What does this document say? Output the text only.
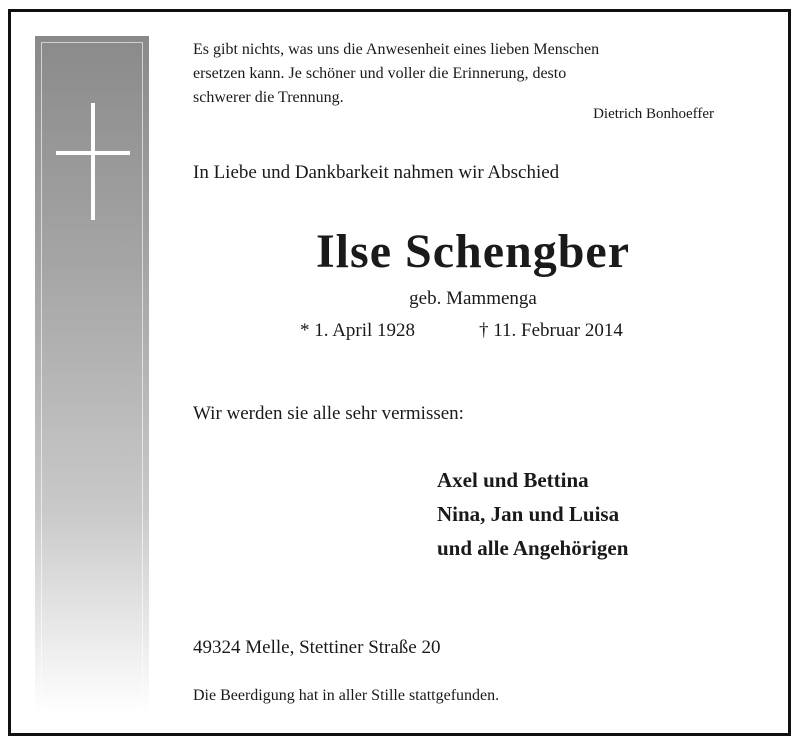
Es gibt nichts, was uns die Anwesenheit eines lieben Menschen
ersetzen kann. Je schöner und voller die Erinnerung, desto
schwerer die Trennung.
Dietrich Bonhoeffer
In Liebe und Dankbarkeit nahmen wir Abschied
Ilse Schengber
geb. Mammenga
* 1. April 1928	† 11. Februar 2014
Wir werden sie alle sehr vermissen:
Axel und Bettina
Nina, Jan und Luisa
und alle Angehörigen
49324 Melle, Stettiner Straße 20
Die Beerdigung hat in aller Stille stattgefunden.
